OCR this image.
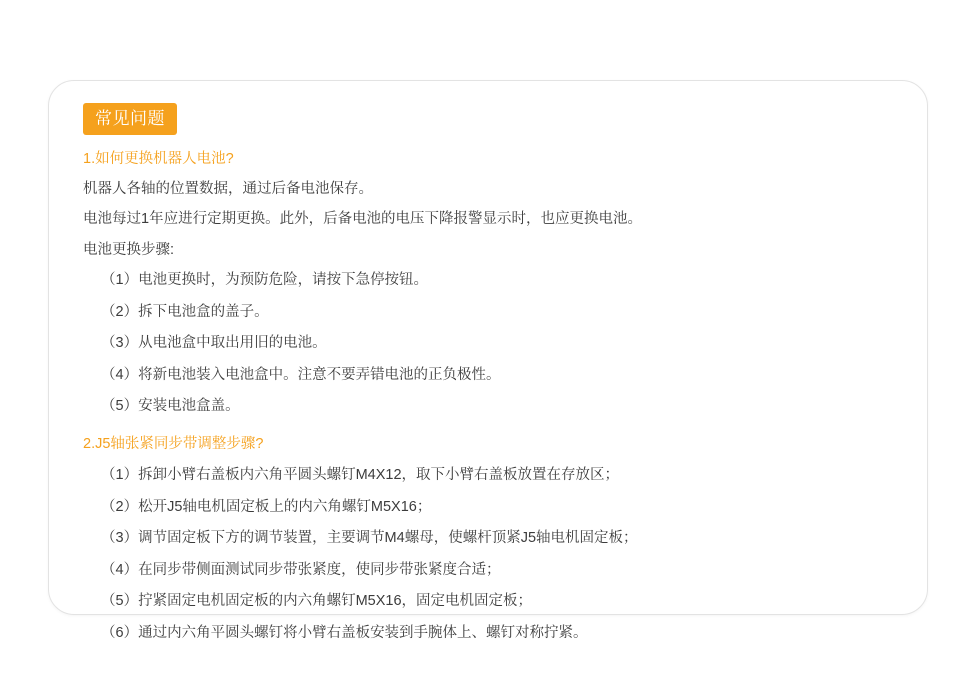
常见问题

1.如何更换机器人电池?

机器人各轴的位置数据，通过后备电池保存。

电池每过1年应进行定期更换。此外，后备电池的电压下降报警显示时，也应更换电池。

电池更换步骤:

（1）电池更换时，为预防危险，请按下急停按钮。
（2）拆下电池盒的盖子。
（3）从电池盒中取出用旧的电池。
（4）将新电池装入电池盒中。注意不要弄错电池的正负极性。
（5）安装电池盒盖。

2.J5轴张紧同步带调整步骤?

（1）拆卸小臂右盖板内六角平圆头螺钉M4X12，取下小臂右盖板放置在存放区；
（2）松开J5轴电机固定板上的内六角螺钉M5X16；
（3）调节固定板下方的调节装置，主要调节M4螺母，使螺杆顶紧J5轴电机固定板；
（4）在同步带侧面测试同步带张紧度，使同步带张紧度合适；
（5）拧紧固定电机固定板的内六角螺钉M5X16，固定电机固定板；
（6）通过内六角平圆头螺钉将小臂右盖板安装到手腕体上、螺钉对称拧紧。
